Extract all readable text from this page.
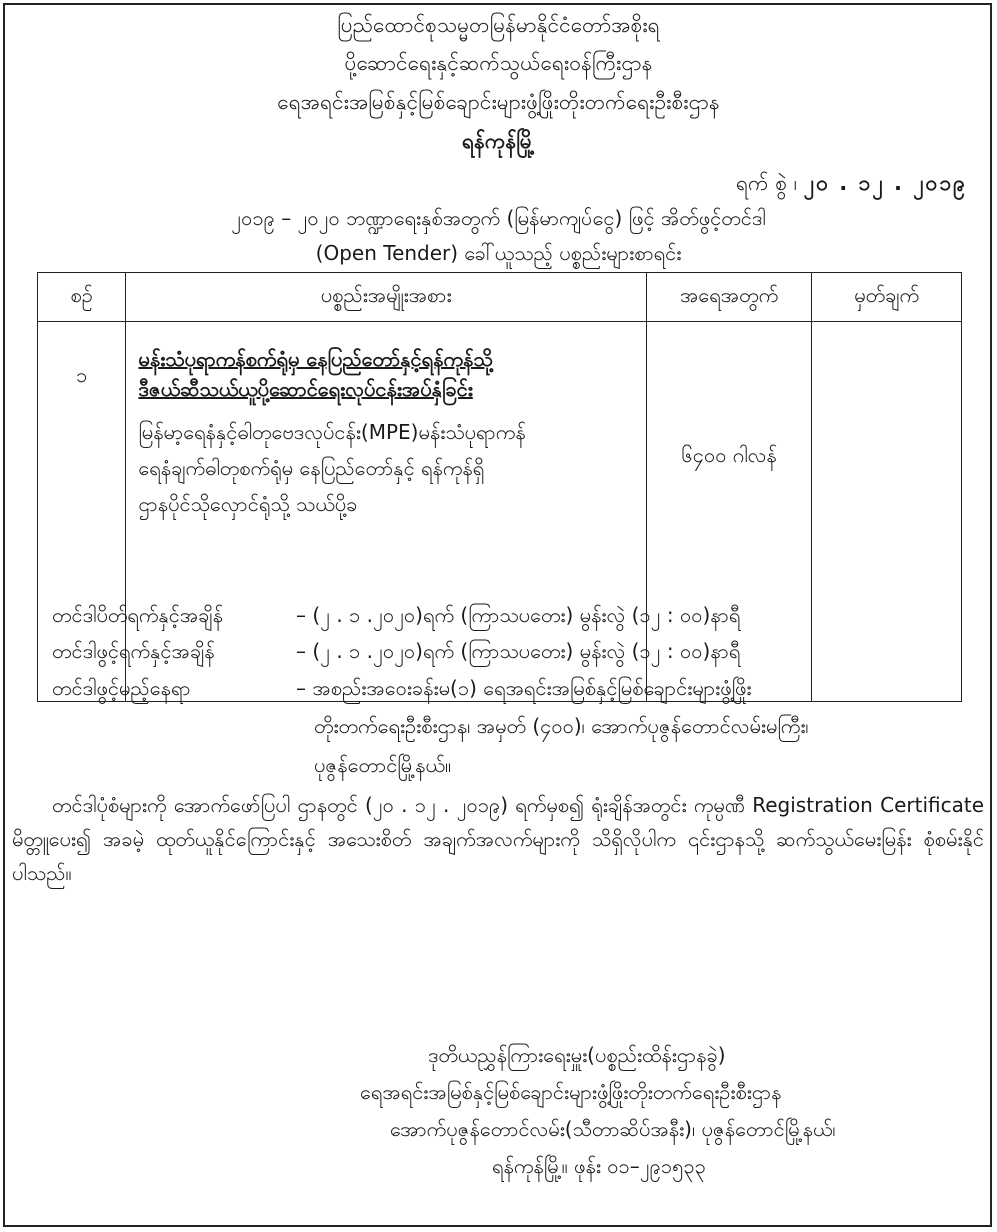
ပြည်ထောင်စုသမ္မတမြန်မာနိုင်ငံတော်အစိုးရ
ပို့ဆောင်ရေးနှင့်ဆက်သွယ်ရေးဝန်ကြီးဌာန
ရေအရင်းအမြစ်နှင့်မြစ်ချောင်းများဖွံ့ဖြိုးတိုးတက်ရေးဦးစီးဌာန
ရန်ကုန်မြို့
ရက် စွဲ ၊ ၂၀ . ၁၂ . ၂၀၁၉
၂၀၁၉ – ၂၀၂၀ ဘဏ္ဍာရေးနှစ်အတွက် (မြန်မာကျပ်ငွေ) ဖြင့် အိတ်ဖွင့်တင်ဒါ
(Open Tender) ခေါ်ယူသည့် ပစ္စည်းများစာရင်း
စဉ်	ပစ္စည်းအမျိုးအစား	အရေအတွက်	မှတ်ချက်
၁	မန်းသံပုရာကန်စက်ရုံမှ နေပြည်တော်နှင့်ရန်ကုန်သို့
ဒီဇယ်ဆီသယ်ယူပို့ဆောင်ရေးလုပ်ငန်းအပ်နှံခြင်း
မြန်မာ့ရေနံနှင့်ဓါတုဗေဒလုပ်ငန်း(MPE)မန်းသံပုရာကန်
ရေနံချက်ဓါတုစက်ရုံမှ နေပြည်တော်နှင့် ရန်ကုန်ရှိ
ဌာနပိုင်သိုလှောင်ရုံသို့ သယ်ပို့ခ	၆၄၀၀ ဂါလန်	
တင်ဒါပိတ်ရက်နှင့်အချိန်	– (၂ . ၁ .၂၀၂၀)ရက် (ကြာသပတေး) မွန်းလွဲ (၁၂ : ၀၀)နာရီ
တင်ဒါဖွင့်ရက်နှင့်အချိန်	– (၂ . ၁ .၂၀၂၀)ရက် (ကြာသပတေး) မွန်းလွဲ (၁၂ : ၀၀)နာရီ
တင်ဒါဖွင့်မည့်နေရာ	– အစည်းအဝေးခန်းမ(၁) ရေအရင်းအမြစ်နှင့်မြစ်ချောင်းများဖွံ့ဖြိုး
တိုးတက်ရေးဦးစီးဌာန၊ အမှတ် (၄၀၀)၊ အောက်ပုဇွန်တောင်လမ်းမကြီး၊
ပုဇွန်တောင်မြို့နယ်။
တင်ဒါပုံစံများကို အောက်ဖော်ပြပါ ဌာနတွင် (၂၀ . ၁၂ . ၂၀၁၉) ရက်မှစ၍ ရုံးချိန်အတွင်း ကုမ္ပဏီ Registration Certificate မိတ္တူပေး၍ အခမဲ့ ထုတ်ယူနိုင်ကြောင်းနှင့် အသေးစိတ် အချက်အလက်များကို သိရှိလိုပါက ၎င်းဌာနသို့ ဆက်သွယ်မေးမြန်း စုံစမ်းနိုင်ပါသည်။
ဒုတိယညွှန်ကြားရေးမှူး(ပစ္စည်းထိန်းဌာနခွဲ)
ရေအရင်းအမြစ်နှင့်မြစ်ချောင်းများဖွံ့ဖြိုးတိုးတက်ရေးဦးစီးဌာန
အောက်ပုဇွန်တောင်လမ်း(သီတာဆိပ်အနီး)၊ ပုဇွန်တောင်မြို့နယ်၊
ရန်ကုန်မြို့။ ဖုန်း ၀၁–၂၉၁၅၃၃
